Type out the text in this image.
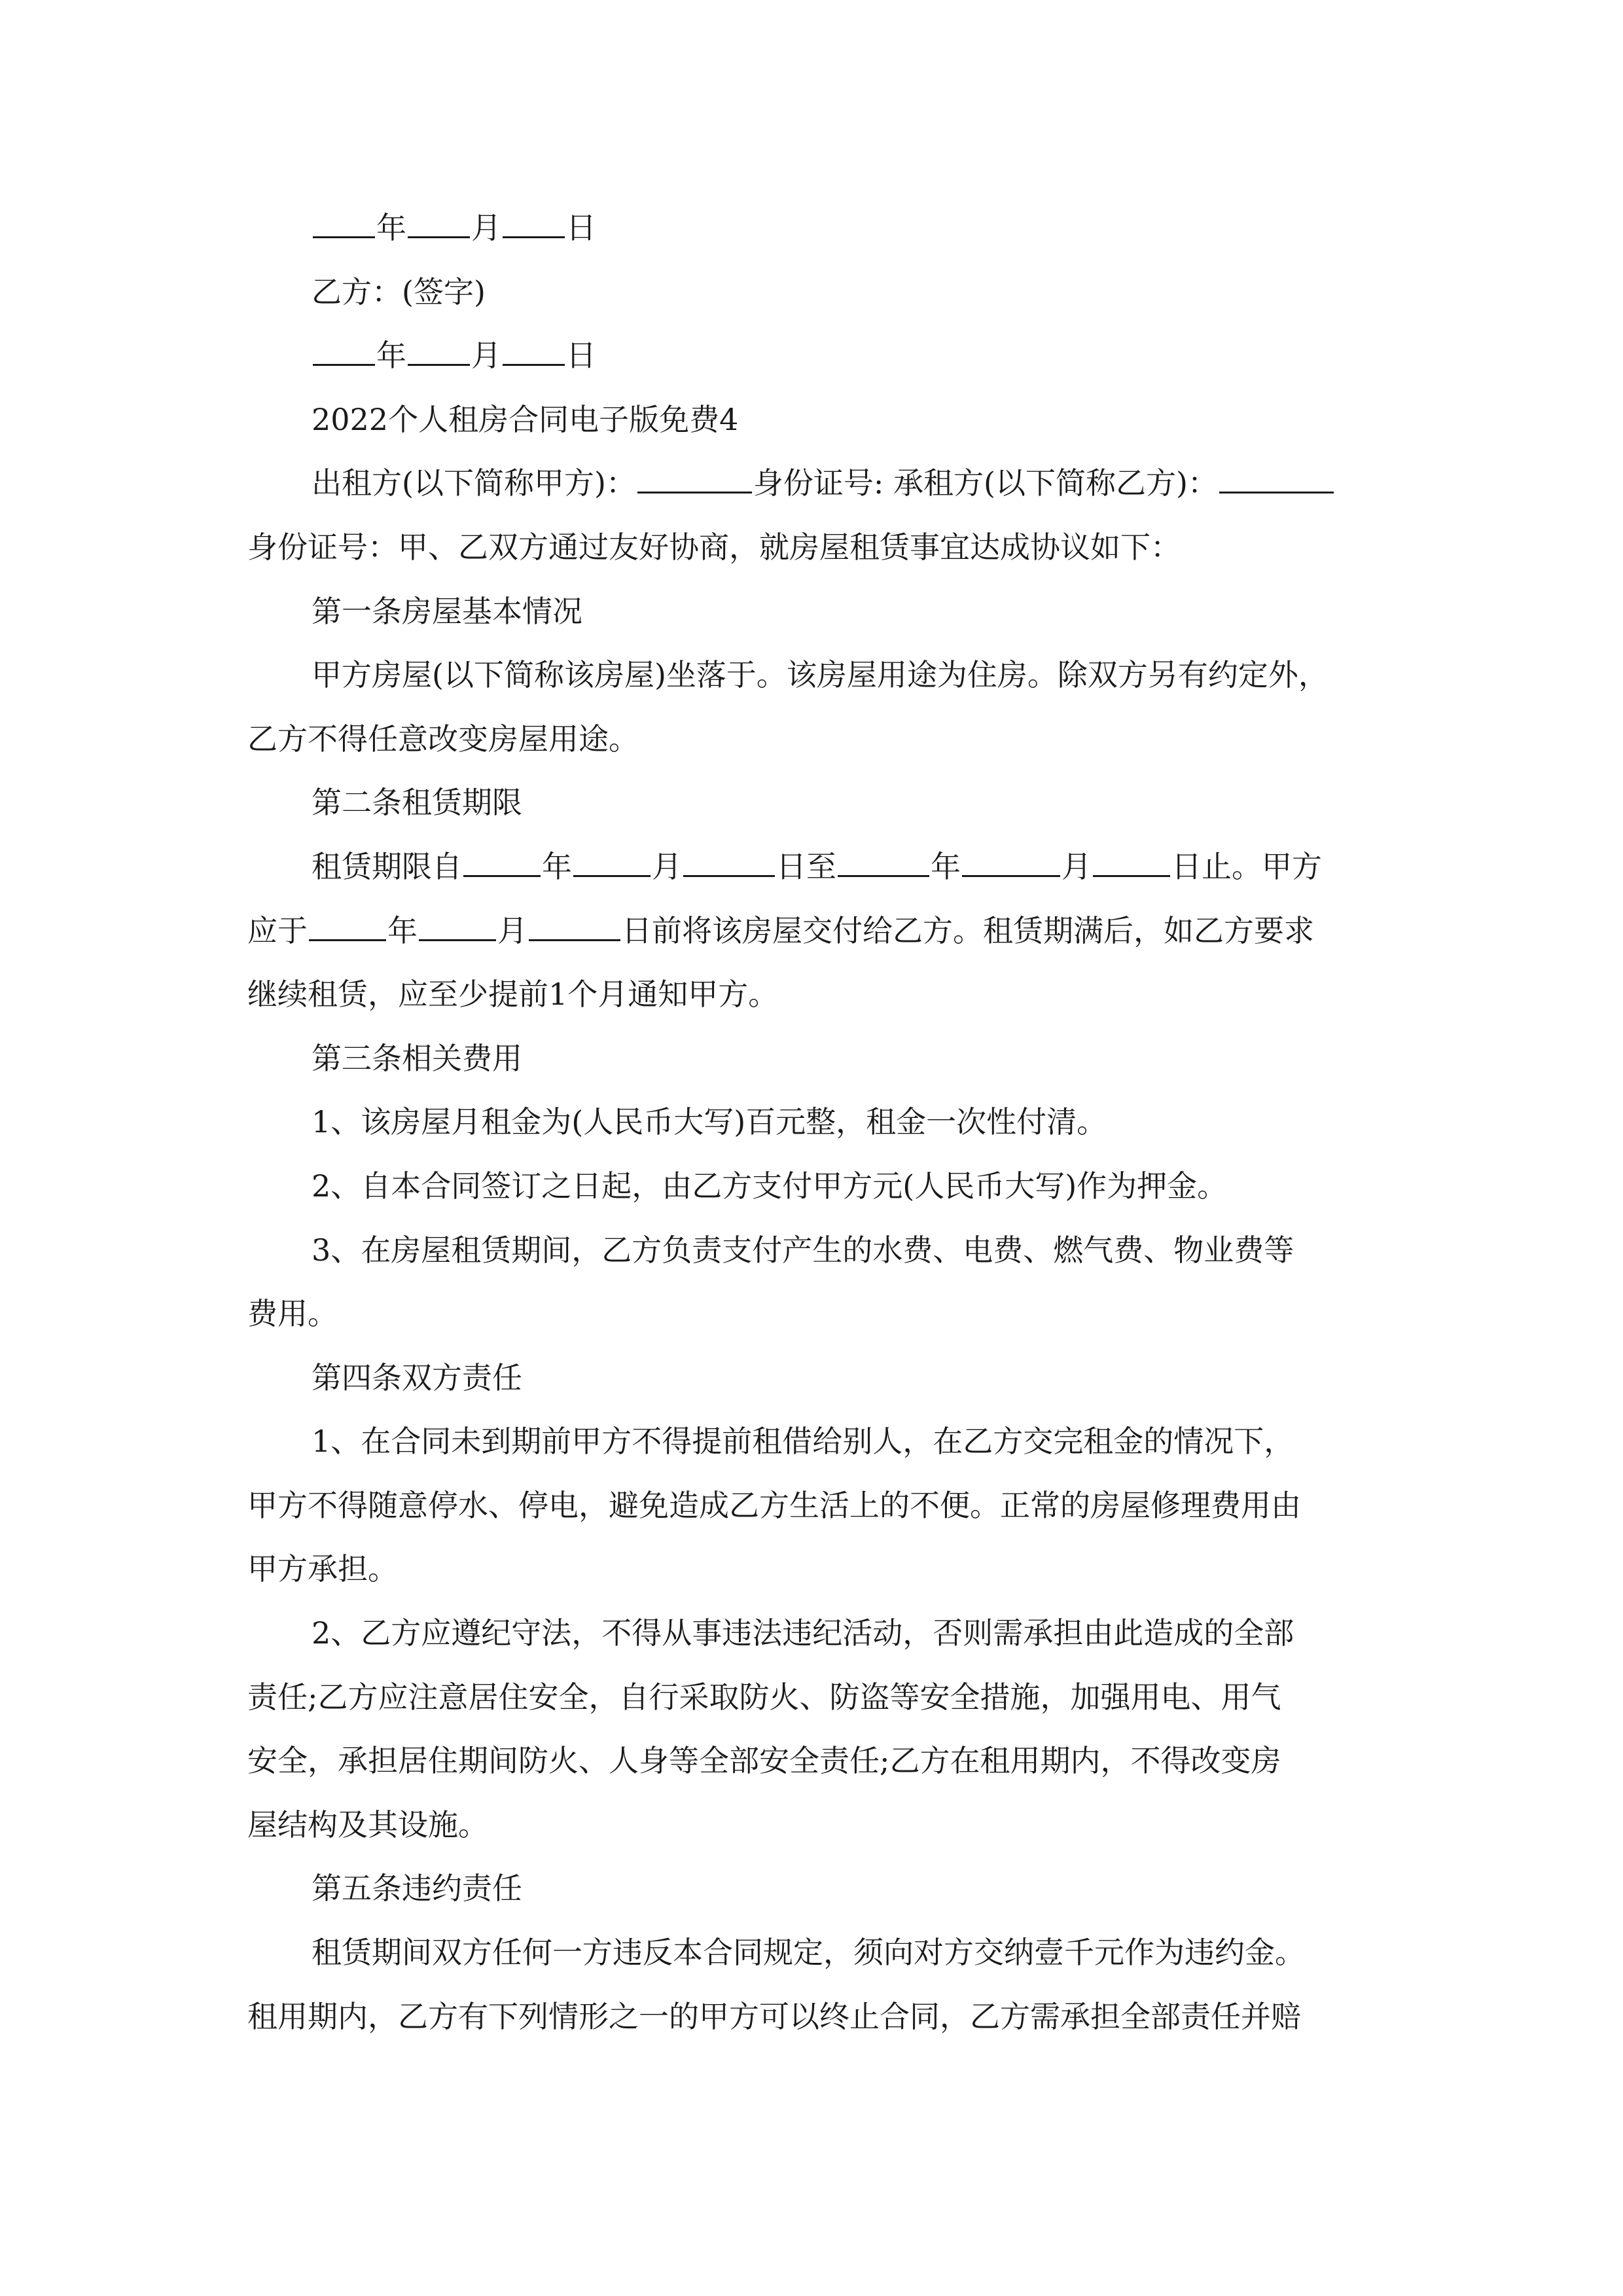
年 月 日
乙方：(签字)
年 月 日
2022个人租房合同电子版免费4
出租方(以下简称甲方)：	身份证号: 承租方(以下简称乙方)：
身份证号：甲、乙双方通过友好协商，就房屋租赁事宜达成协议如下：
第一条房屋基本情况
甲方房屋(以下简称该房屋)坐落于。该房屋用途为住房。除双方另有约定外，
乙方不得任意改变房屋用途。
第二条租赁期限
租赁期限自	年	月	日至	年	月	日止。甲方
应于	年	月	日前将该房屋交付给乙方。租赁期满后，如乙方要求
继续租赁，应至少提前1个月通知甲方。
第三条相关费用
1、该房屋月租金为(人民币大写)百元整，租金一次性付清。
2、自本合同签订之日起，由乙方支付甲方元(人民币大写)作为押金。
3、在房屋租赁期间，乙方负责支付产生的水费、电费、燃气费、物业费等
费用。
第四条双方责任
1、在合同未到期前甲方不得提前租借给别人，在乙方交完租金的情况下，
甲方不得随意停水、停电，避免造成乙方生活上的不便。正常的房屋修理费用由
甲方承担。
2、乙方应遵纪守法，不得从事违法违纪活动，否则需承担由此造成的全部
责任;乙方应注意居住安全，自行采取防火、防盗等安全措施，加强用电、用气
安全，承担居住期间防火、人身等全部安全责任;乙方在租用期内，不得改变房
屋结构及其设施。
第五条违约责任
租赁期间双方任何一方违反本合同规定，须向对方交纳壹千元作为违约金。
租用期内，乙方有下列情形之一的甲方可以终止合同，乙方需承担全部责任并赔
